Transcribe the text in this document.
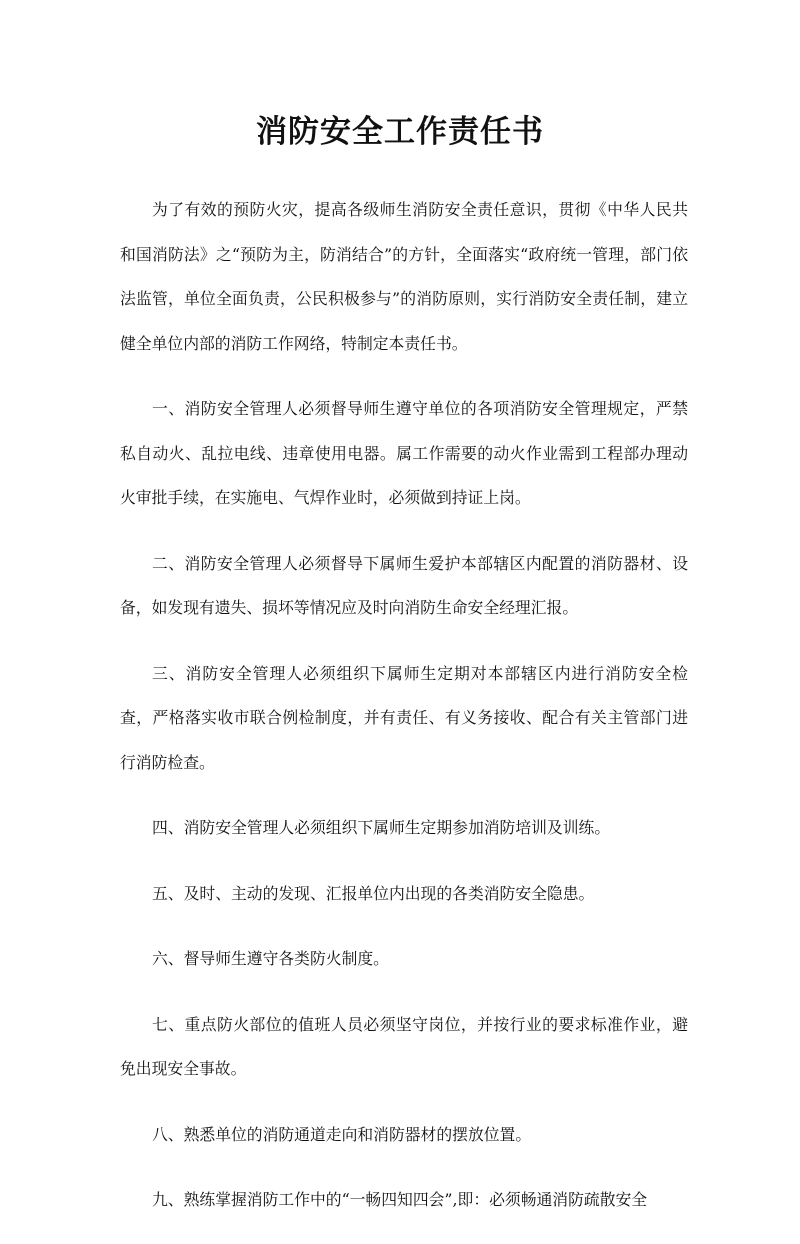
消防安全工作责任书

为了有效的预防火灾，提高各级师生消防安全责任意识，贯彻《中华人民共和国消防法》之“预防为主，防消结合”的方针，全面落实“政府统一管理，部门依法监管，单位全面负责，公民积极参与”的消防原则，实行消防安全责任制，建立健全单位内部的消防工作网络，特制定本责任书。

一、消防安全管理人必须督导师生遵守单位的各项消防安全管理规定，严禁私自动火、乱拉电线、违章使用电器。属工作需要的动火作业需到工程部办理动火审批手续，在实施电、气焊作业时，必须做到持证上岗。

二、消防安全管理人必须督导下属师生爱护本部辖区内配置的消防器材、设备，如发现有遗失、损坏等情况应及时向消防生命安全经理汇报。

三、消防安全管理人必须组织下属师生定期对本部辖区内进行消防安全检查，严格落实收市联合例检制度，并有责任、有义务接收、配合有关主管部门进行消防检查。

四、消防安全管理人必须组织下属师生定期参加消防培训及训练。

五、及时、主动的发现、汇报单位内出现的各类消防安全隐患。

六、督导师生遵守各类防火制度。

七、重点防火部位的值班人员必须坚守岗位，并按行业的要求标准作业，避免出现安全事故。

八、熟悉单位的消防通道走向和消防器材的摆放位置。

九、熟练掌握消防工作中的“一畅四知四会”,即：必须畅通消防疏散安全
